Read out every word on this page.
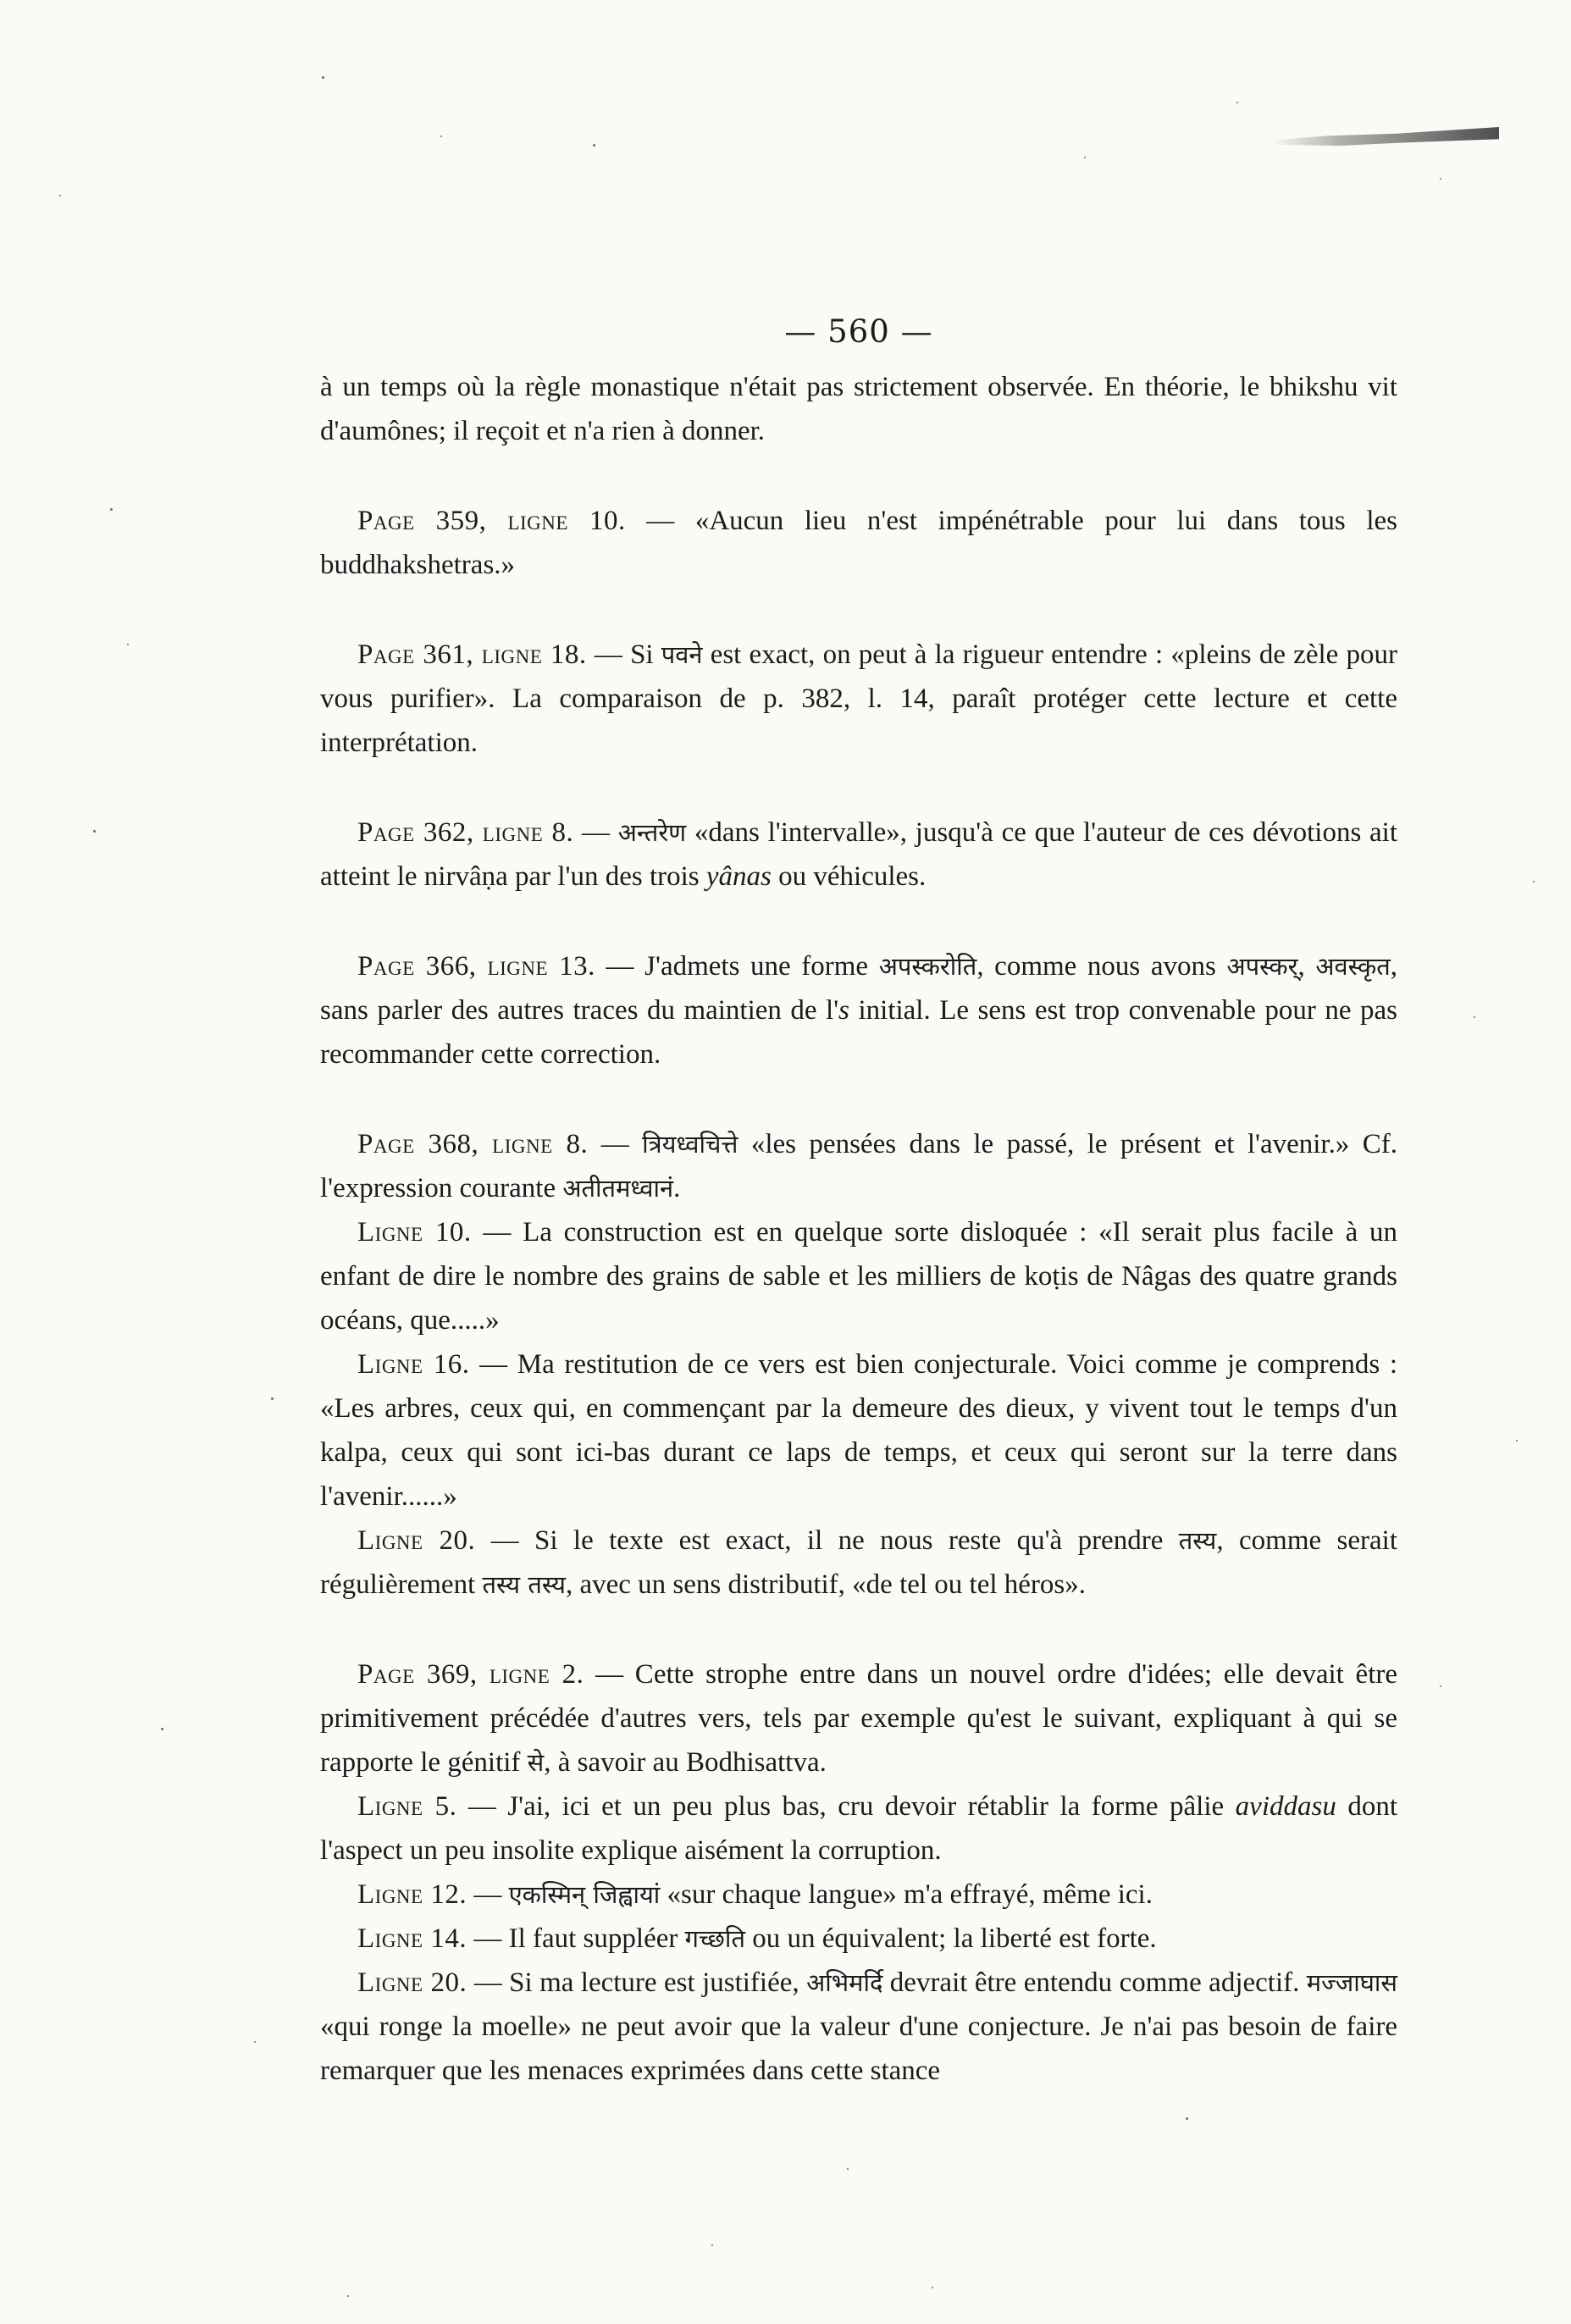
— 560 —

à un temps où la règle monastique n'était pas strictement observée. En théorie, le bhikshu vit d'aumônes; il reçoit et n'a rien à donner.

Page 359, ligne 10. — «Aucun lieu n'est impénétrable pour lui dans tous les buddhakshetras.»

Page 361, ligne 18. — Si पवने est exact, on peut à la rigueur entendre : «pleins de zèle pour vous purifier». La comparaison de p. 382, l. 14, paraît protéger cette lecture et cette interprétation.

Page 362, ligne 8. — अन्तरेण «dans l'intervalle», jusqu'à ce que l'auteur de ces dévotions ait atteint le nirvâṇa par l'un des trois yânas ou véhicules.

Page 366, ligne 13. — J'admets une forme अपस्करोति, comme nous avons अपस्कर्, अवस्कृत, sans parler des autres traces du maintien de l's initial. Le sens est trop convenable pour ne pas recommander cette correction.

Page 368, ligne 8. — त्रियध्वचित्ते «les pensées dans le passé, le présent et l'avenir.» Cf. l'expression courante अतीतमध्वानं.

Ligne 10. — La construction est en quelque sorte disloquée : «Il serait plus facile à un enfant de dire le nombre des grains de sable et les milliers de koṭis de Nâgas des quatre grands océans, que.....»

Ligne 16. — Ma restitution de ce vers est bien conjecturale. Voici comme je comprends : «Les arbres, ceux qui, en commençant par la demeure des dieux, y vivent tout le temps d'un kalpa, ceux qui sont ici-bas durant ce laps de temps, et ceux qui seront sur la terre dans l'avenir......»

Ligne 20. — Si le texte est exact, il ne nous reste qu'à prendre तस्य, comme serait régulièrement तस्य तस्य, avec un sens distributif, «de tel ou tel héros».

Page 369, ligne 2. — Cette strophe entre dans un nouvel ordre d'idées; elle devait être primitivement précédée d'autres vers, tels par exemple qu'est le suivant, expliquant à qui se rapporte le génitif से, à savoir au Bodhisattva.

Ligne 5. — J'ai, ici et un peu plus bas, cru devoir rétablir la forme pâlie aviddasu dont l'aspect un peu insolite explique aisément la corruption.

Ligne 12. — एकस्मिन् जिह्वायां «sur chaque langue» m'a effrayé, même ici.

Ligne 14. — Il faut suppléer गच्छति ou un équivalent; la liberté est forte.

Ligne 20. — Si ma lecture est justifiée, अभिमर्दि devrait être entendu comme adjectif. मज्जाघास «qui ronge la moelle» ne peut avoir que la valeur d'une conjecture. Je n'ai pas besoin de faire remarquer que les menaces exprimées dans cette stance
